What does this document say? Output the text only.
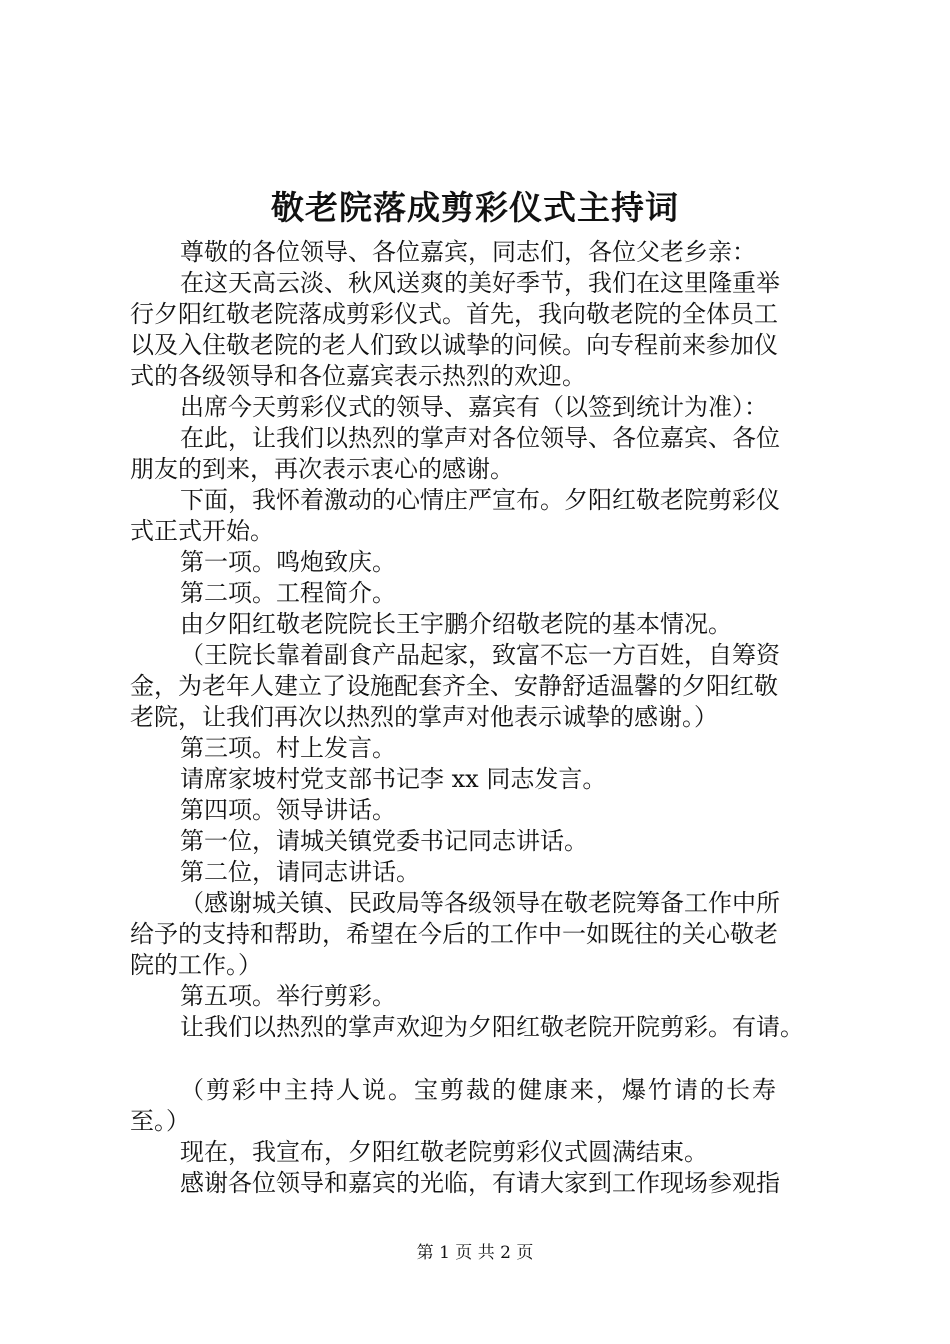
敬老院落成剪彩仪式主持词
尊敬的各位领导、各位嘉宾，同志们，各位父老乡亲：
在这天高云淡、秋风送爽的美好季节，我们在这里隆重举
行夕阳红敬老院落成剪彩仪式。首先，我向敬老院的全体员工
以及入住敬老院的老人们致以诚挚的问候。向专程前来参加仪
式的各级领导和各位嘉宾表示热烈的欢迎。
出席今天剪彩仪式的领导、嘉宾有（以签到统计为准）：
在此，让我们以热烈的掌声对各位领导、各位嘉宾、各位
朋友的到来，再次表示衷心的感谢。
下面，我怀着激动的心情庄严宣布。夕阳红敬老院剪彩仪
式正式开始。
第一项。鸣炮致庆。
第二项。工程简介。
由夕阳红敬老院院长王宇鹏介绍敬老院的基本情况。
（王院长靠着副食产品起家，致富不忘一方百姓，自筹资
金，为老年人建立了设施配套齐全、安静舒适温馨的夕阳红敬
老院，让我们再次以热烈的掌声对他表示诚挚的感谢。）
第三项。村上发言。
请席家坡村党支部书记李 xx 同志发言。
第四项。领导讲话。
第一位，请城关镇党委书记同志讲话。
第二位，请同志讲话。
（感谢城关镇、民政局等各级领导在敬老院筹备工作中所
给予的支持和帮助，希望在今后的工作中一如既往的关心敬老
院的工作。）
第五项。举行剪彩。
让我们以热烈的掌声欢迎为夕阳红敬老院开院剪彩。有请。
（剪彩中主持人说。宝剪裁的健康来，爆竹请的长寿
至。）
现在，我宣布，夕阳红敬老院剪彩仪式圆满结束。
感谢各位领导和嘉宾的光临，有请大家到工作现场参观指
第 1 页 共 2 页
